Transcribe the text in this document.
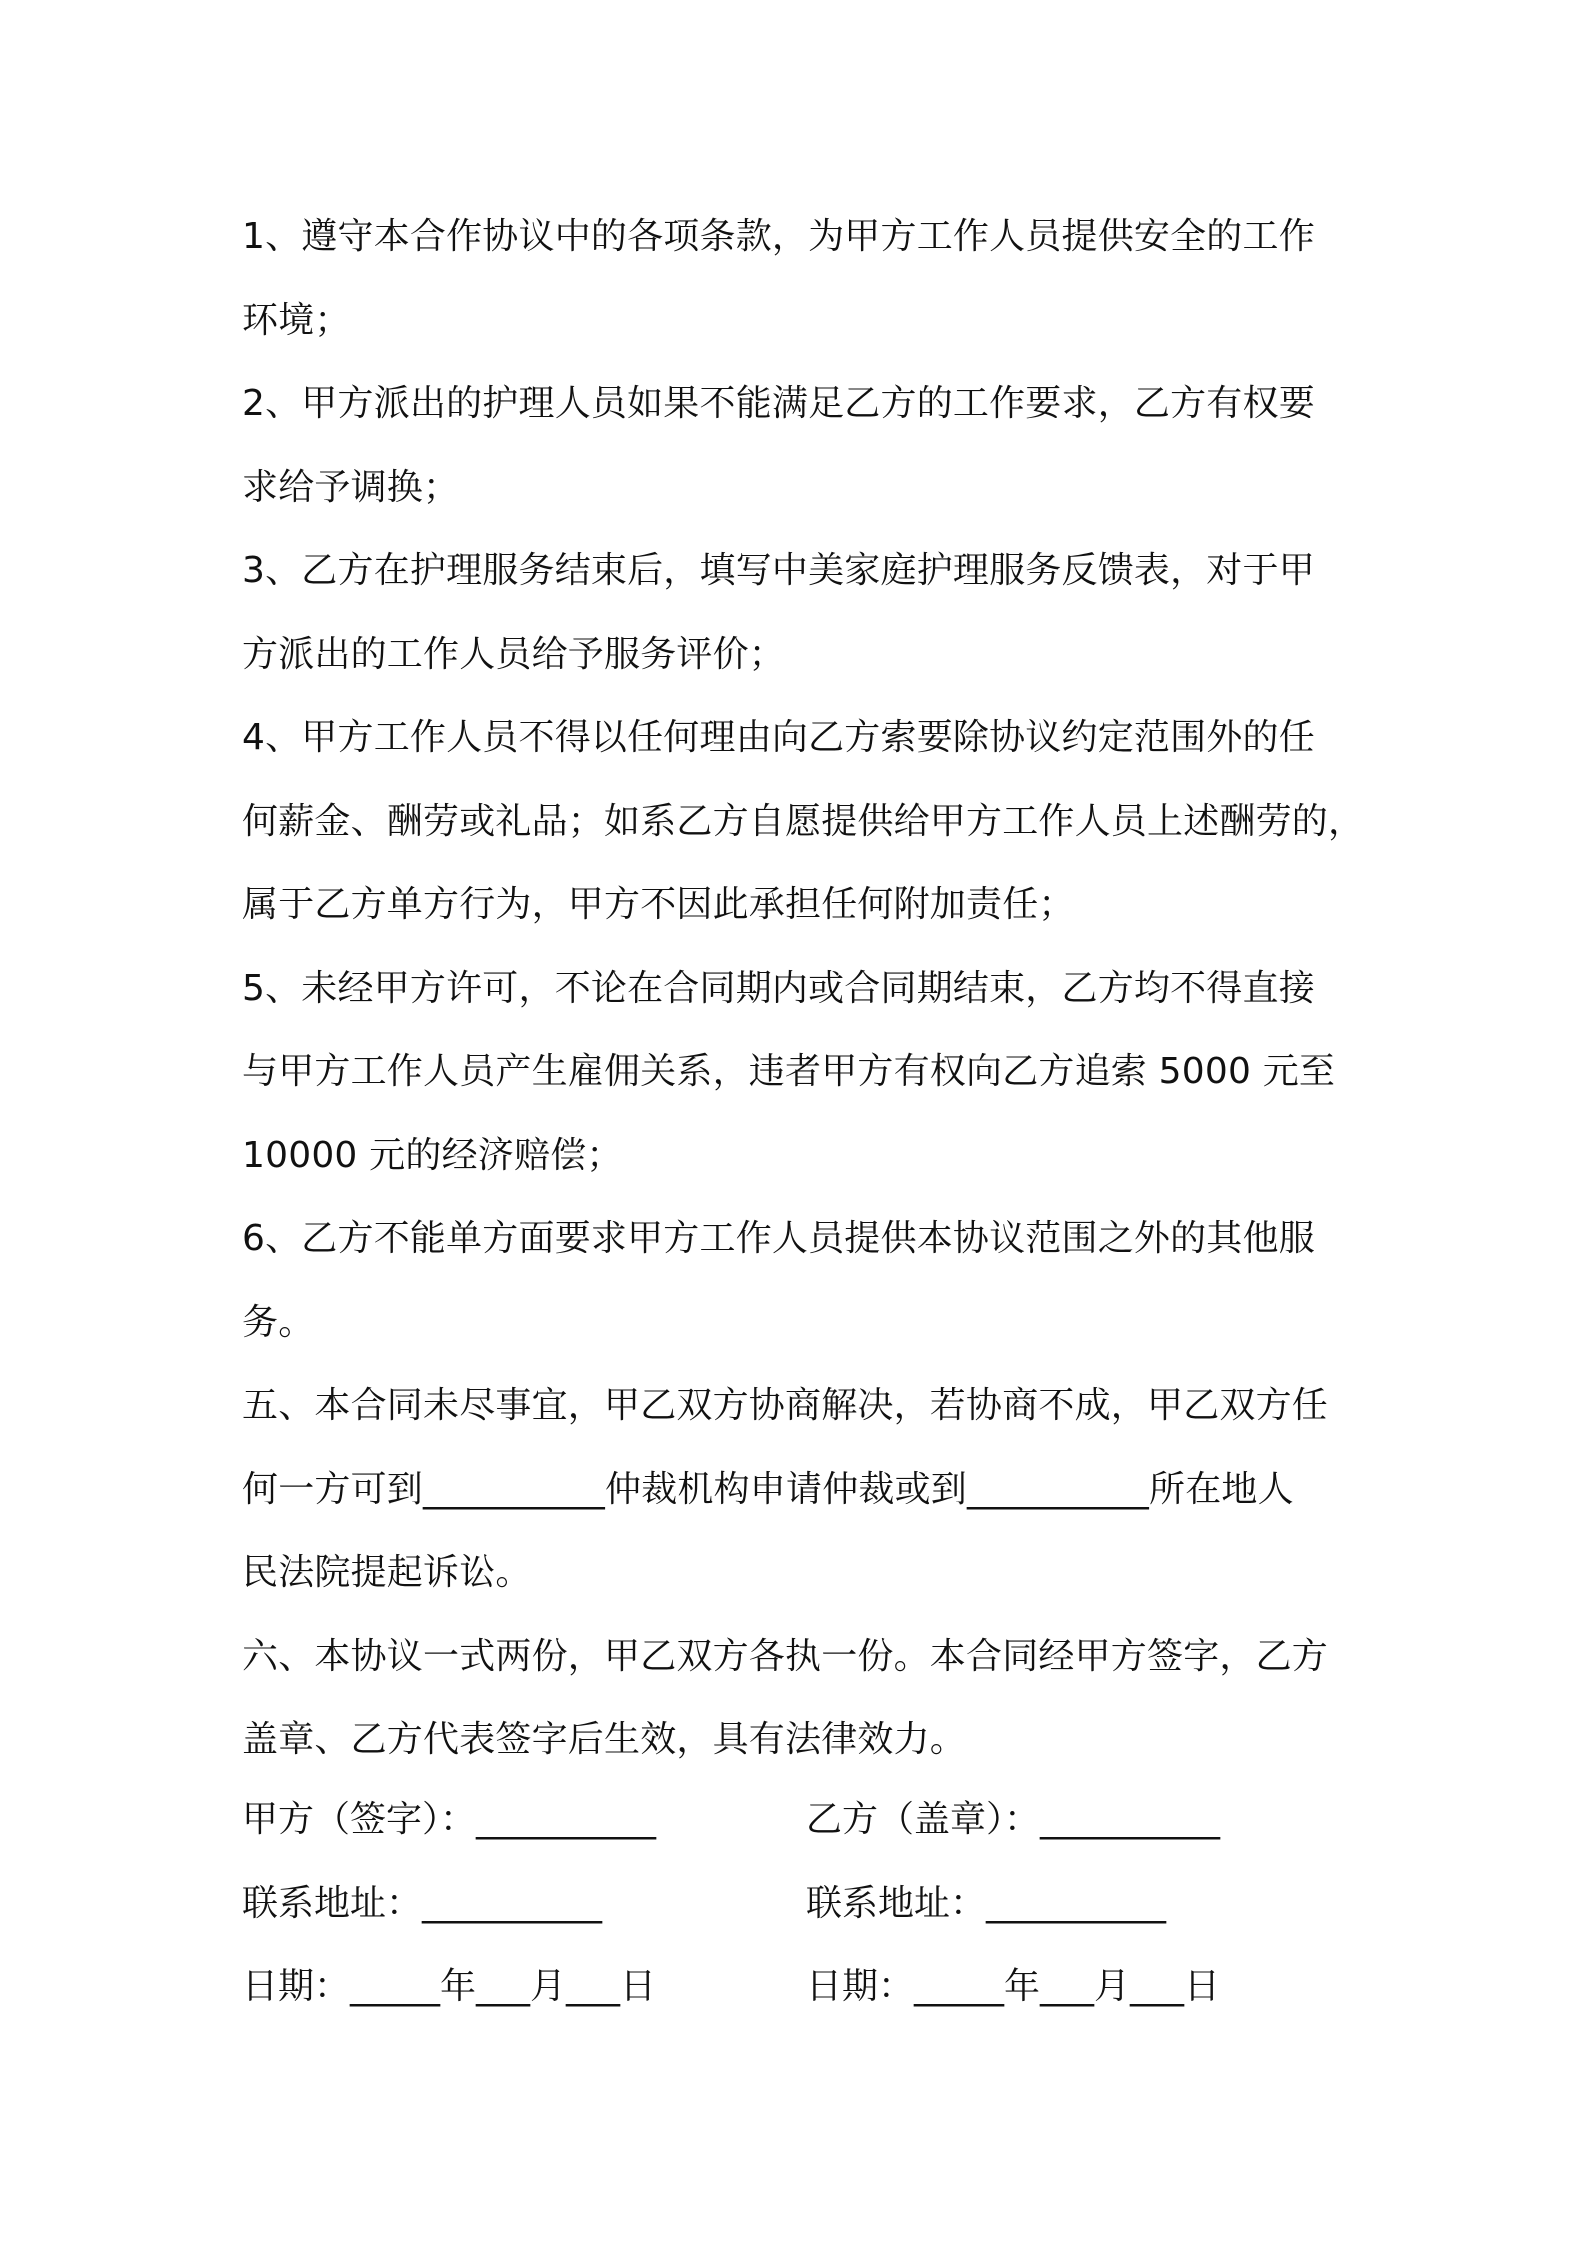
1、遵守本合作协议中的各项条款，为甲方工作人员提供安全的工作
环境；
2、甲方派出的护理人员如果不能满足乙方的工作要求，乙方有权要
求给予调换；
3、乙方在护理服务结束后，填写中美家庭护理服务反馈表，对于甲
方派出的工作人员给予服务评价；
4、甲方工作人员不得以任何理由向乙方索要除协议约定范围外的任
何薪金、酬劳或礼品；如系乙方自愿提供给甲方工作人员上述酬劳的，
属于乙方单方行为，甲方不因此承担任何附加责任；
5、未经甲方许可，不论在合同期内或合同期结束，乙方均不得直接
与甲方工作人员产生雇佣关系，违者甲方有权向乙方追索 5000 元至
10000 元的经济赔偿；
6、乙方不能单方面要求甲方工作人员提供本协议范围之外的其他服
务。
五、本合同未尽事宜，甲乙双方协商解决，若协商不成，甲乙双方任
何一方可到__________仲裁机构申请仲裁或到__________所在地人
民法院提起诉讼。
六、本协议一式两份，甲乙双方各执一份。本合同经甲方签字，乙方
盖章、乙方代表签字后生效，具有法律效力。
甲方（签字）：__________	乙方（盖章）：__________
联系地址：__________	联系地址：__________
日期：_____年___月___日	日期：_____年___月___日
